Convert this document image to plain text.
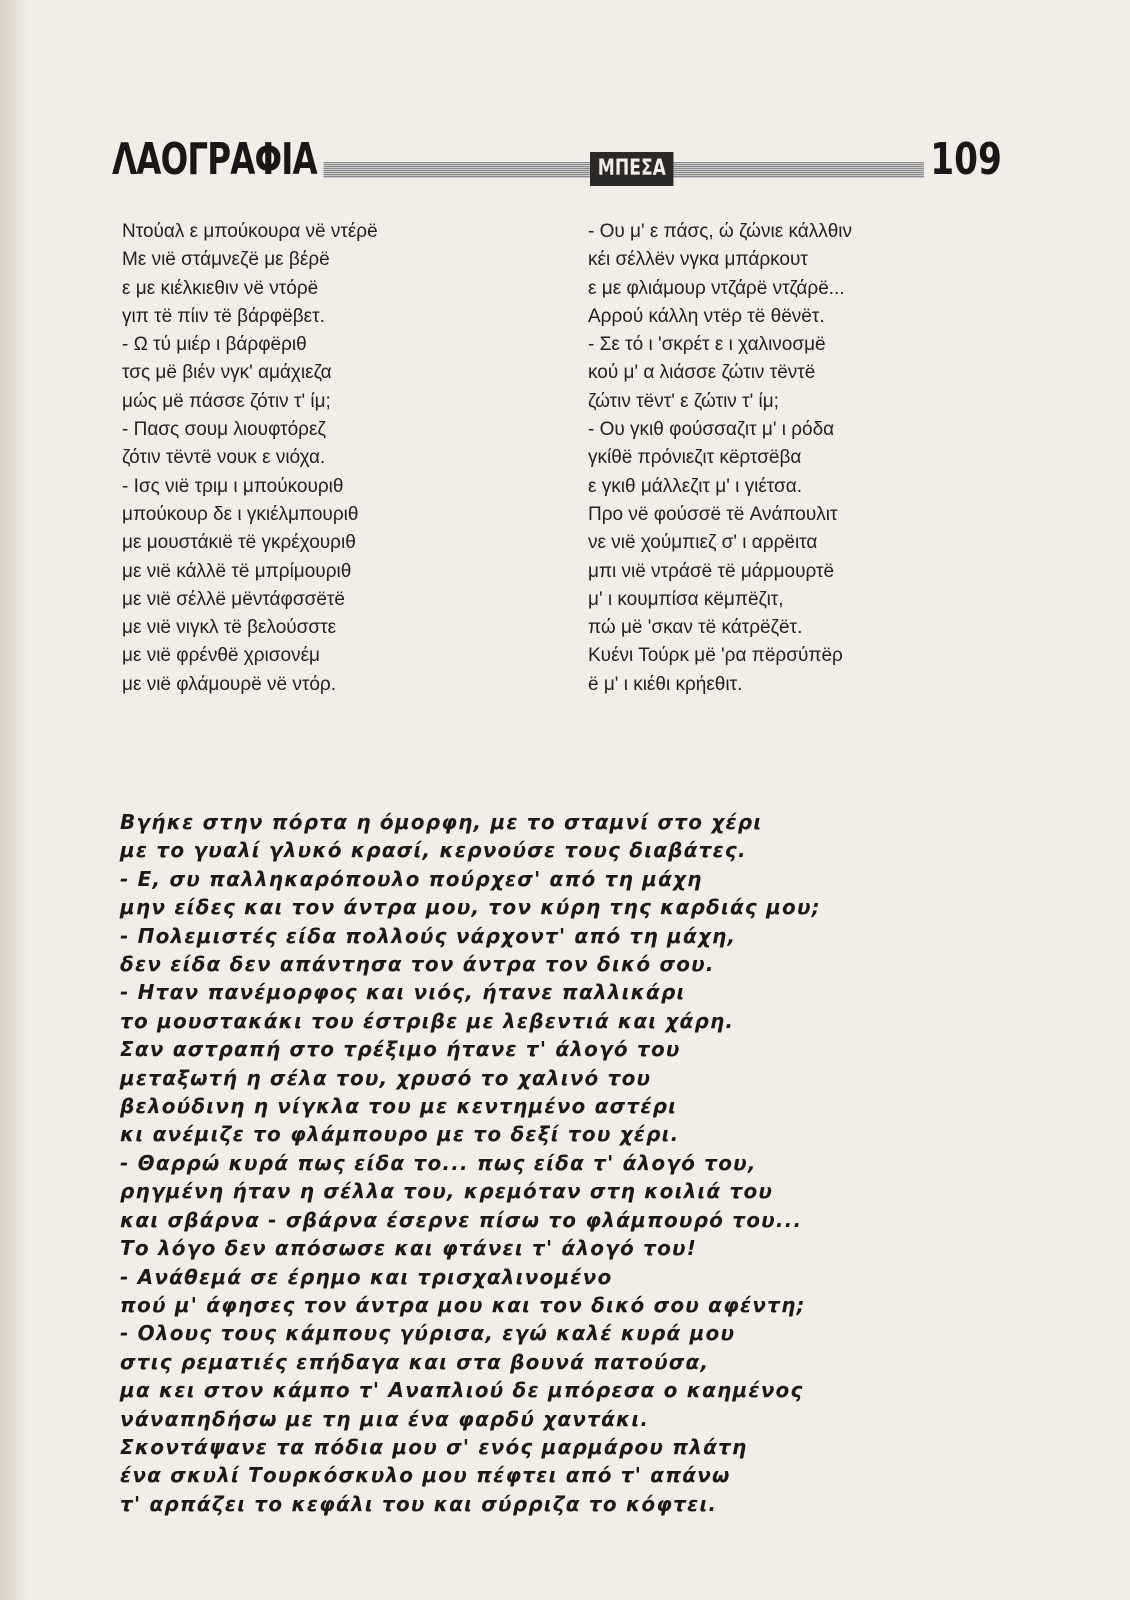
ΛΑΟΓΡΑΦΙΑ	ΜΠΕΣΑ	109
Ντούαλ ε μπούκουρα νë ντέρë
Με νιë στάμνεζë με βέρë
ε με κιέλκιεθιν νë ντόρë
γιπ τë πίιν τë βάρφëβετ.
- Ω τύ μιέρ ι βάρφëριθ
τσς μë βιέν νγκ' αμάχιεζα
μώς μë πάσσε ζότιν τ' ίμ;
- Πασς σουμ λιουφτόρεζ
ζότιν τëντë νουκ ε νιόχα.
- Ισς νιë τριμ ι μπούκουριθ
μπούκουρ δε ι γκιέλμπουριθ
με μουστάκιë τë γκρέχουριθ
με νιë κάλλë τë μπρίμουριθ
με νιë σέλλë μëντάφσσëτë
με νιë νιγκλ τë βελούσστε
με νιë φρένθë χρισονέμ
με νιë φλάμουρë νë ντόρ.
- Ου μ' ε πάσς, ώ ζώνιε κάλλθιν
κέι σέλλëν νγκα μπάρκουτ
ε με φλιάμουρ ντζάρë ντζάρë...
Αρρού κάλλη ντëρ τë θëνëτ.
- Σε τό ι 'σκρέτ ε ι χαλινοσμë
κού μ' α λιάσσε ζώτιν τëντë
ζώτιν τëντ' ε ζώτιν τ' ίμ;
- Ου γκιθ φούσσαζιτ μ' ι ρόδα
γκίθë πρόνιεζιτ κëρτσëβα
ε γκιθ μάλλεζιτ μ' ι γιέτσα.
Προ νë φούσσë τë Ανάπουλιτ
νε νιë χούμπιεζ σ' ι αρρëιτα
μπι νιë ντράσë τë μάρμουρτë
μ' ι κουμπίσα κëμπëζιτ,
πώ μë 'σκαν τë κάτρëζëτ.
Κυένι Τούρκ μë 'ρα πëρσύπëρ
ë μ' ι κιέθι κρήεθιτ.
Βγήκε στην πόρτα η όμορφη, με το σταμνί στο χέρι
με το γυαλί γλυκό κρασί, κερνούσε τους διαβάτες.
- Ε, συ παλληκαρόπουλο πούρχεσ' από τη μάχη
μην είδες και τον άντρα μου, τον κύρη της καρδιάς μου;
- Πολεμιστές είδα πολλούς νάρχοντ' από τη μάχη,
δεν είδα δεν απάντησα τον άντρα τον δικό σου.
- Ηταν πανέμορφος και νιός, ήτανε παλλικάρι
το μουστακάκι του έστριβε με λεβεντιά και χάρη.
Σαν αστραπή στο τρέξιμο ήτανε τ' άλογό του
μεταξωτή η σέλα του, χρυσό το χαλινό του
βελούδινη η νίγκλα του με κεντημένο αστέρι
κι ανέμιζε το φλάμπουρο με το δεξί του χέρι.
- Θαρρώ κυρά πως είδα το... πως είδα τ' άλογό του,
ρηγμένη ήταν η σέλλα του, κρεμόταν στη κοιλιά του
και σβάρνα - σβάρνα έσερνε πίσω το φλάμπουρό του...
Το λόγο δεν απόσωσε και φτάνει τ' άλογό του!
- Ανάθεμά σε έρημο και τρισχαλινομένο
πού μ' άφησες τον άντρα μου και τον δικό σου αφέντη;
- Ολους τους κάμπους γύρισα, εγώ καλέ κυρά μου
στις ρεματιές επήδαγα και στα βουνά πατούσα,
μα κει στον κάμπο τ' Αναπλιού δε μπόρεσα ο καημένος
νάναπηδήσω με τη μια ένα φαρδύ χαντάκι.
Σκοντάψανε τα πόδια μου σ' ενός μαρμάρου πλάτη
ένα σκυλί Τουρκόσκυλο μου πέφτει από τ' απάνω
τ' αρπάζει το κεφάλι του και σύρριζα το κόφτει.
